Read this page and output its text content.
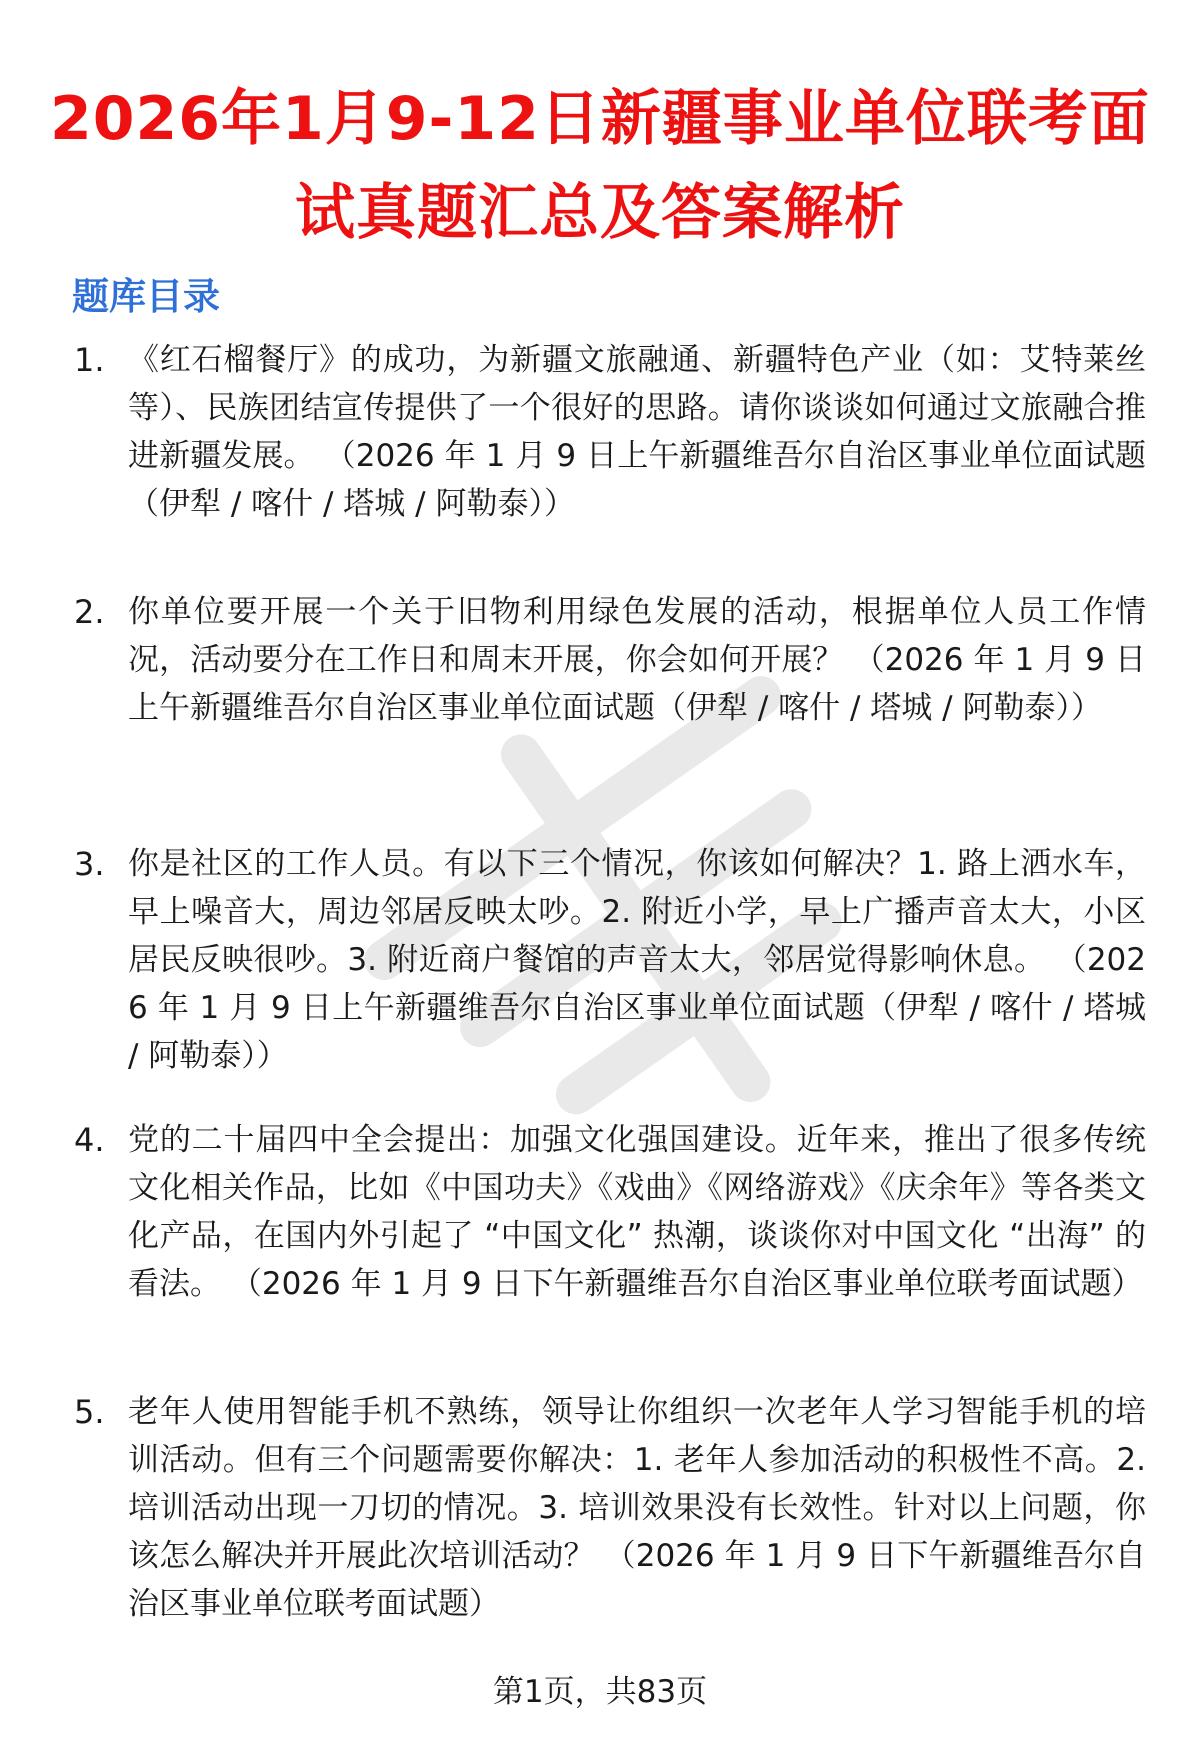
2026年1月9-12日新疆事业单位联考面试真题汇总及答案解析
题库目录
1. 《红石榴餐厅》的成功，为新疆文旅融通、新疆特色产业（如：艾特莱丝等）、民族团结宣传提供了一个很好的思路。请你谈谈如何通过文旅融合推进新疆发展。 （2026 年 1 月 9 日上午新疆维吾尔自治区事业单位面试题（伊犁 / 喀什 / 塔城 / 阿勒泰））
2. 你单位要开展一个关于旧物利用绿色发展的活动，根据单位人员工作情况，活动要分在工作日和周末开展，你会如何开展？ （2026 年 1 月 9 日上午新疆维吾尔自治区事业单位面试题（伊犁 / 喀什 / 塔城 / 阿勒泰））
3. 你是社区的工作人员。有以下三个情况，你该如何解决？1. 路上洒水车，早上噪音大，周边邻居反映太吵。2. 附近小学，早上广播声音太大，小区居民反映很吵。3. 附近商户餐馆的声音太大，邻居觉得影响休息。 （2026 年 1 月 9 日上午新疆维吾尔自治区事业单位面试题（伊犁 / 喀什 / 塔城 / 阿勒泰））
4. 党的二十届四中全会提出：加强文化强国建设。近年来，推出了很多传统文化相关作品，比如《中国功夫》《戏曲》《网络游戏》《庆余年》等各类文化产品，在国内外引起了 “中国文化” 热潮，谈谈你对中国文化 “出海” 的看法。 （2026 年 1 月 9 日下午新疆维吾尔自治区事业单位联考面试题）
5. 老年人使用智能手机不熟练，领导让你组织一次老年人学习智能手机的培训活动。但有三个问题需要你解决：1. 老年人参加活动的积极性不高。2. 培训活动出现一刀切的情况。3. 培训效果没有长效性。针对以上问题，你该怎么解决并开展此次培训活动？ （2026 年 1 月 9 日下午新疆维吾尔自治区事业单位联考面试题）
第1页，共83页
